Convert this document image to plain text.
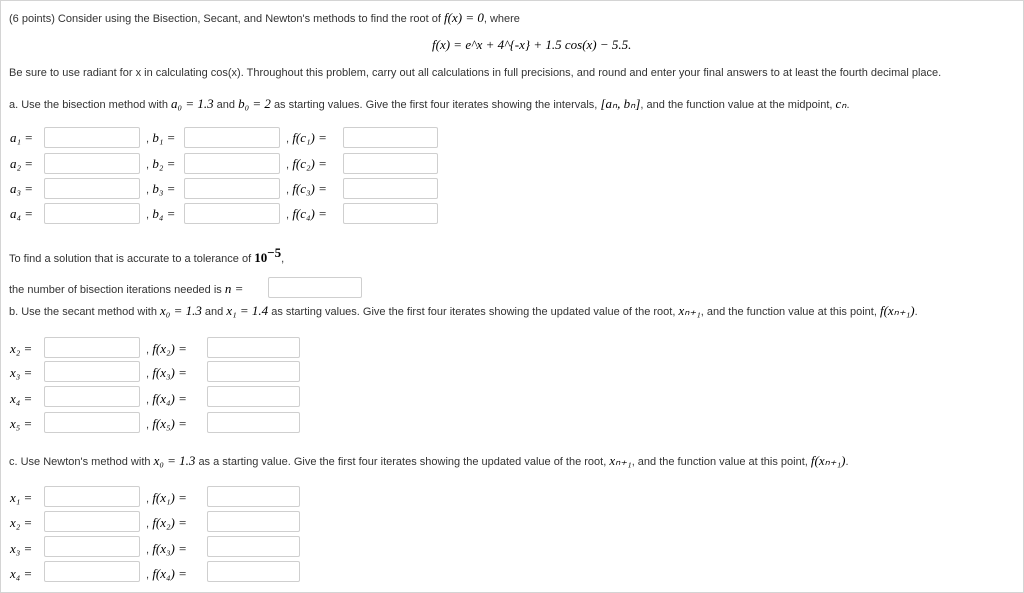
(6 points) Consider using the Bisection, Secant, and Newton's methods to find the root of f(x) = 0, where
f(x) = e^x + 4^{-x} + 1.5 cos(x) − 5.5.
Be sure to use radiant for x in calculating cos(x). Throughout this problem, carry out all calculations in full precisions, and round and enter your final answers to at least the fourth decimal place.
a. Use the bisection method with a₀ = 1.3 and b₀ = 2 as starting values. Give the first four iterates showing the intervals, [aₙ, bₙ], and the function value at the midpoint, cₙ.
a₁ =	, b₁ =	, f(c₁) =
a₂ =	, b₂ =	, f(c₂) =
a₃ =	, b₃ =	, f(c₃) =
a₄ =	, b₄ =	, f(c₄) =
To find a solution that is accurate to a tolerance of $10^{-5}$,
the number of bisection iterations needed is n =
b. Use the secant method with x₀ = 1.3 and x₁ = 1.4 as starting values. Give the first four iterates showing the updated value of the root, xₙ₊₁, and the function value at this point, f(xₙ₊₁).
x₂ =	, f(x₂) =
x₃ =	, f(x₃) =
x₄ =	, f(x₄) =
x₅ =	, f(x₅) =
c. Use Newton's method with x₀ = 1.3 as a starting value. Give the first four iterates showing the updated value of the root, xₙ₊₁, and the function value at this point, f(xₙ₊₁).
x₁ =	, f(x₁) =
x₂ =	, f(x₂) =
x₃ =	, f(x₃) =
x₄ =	, f(x₄) =
